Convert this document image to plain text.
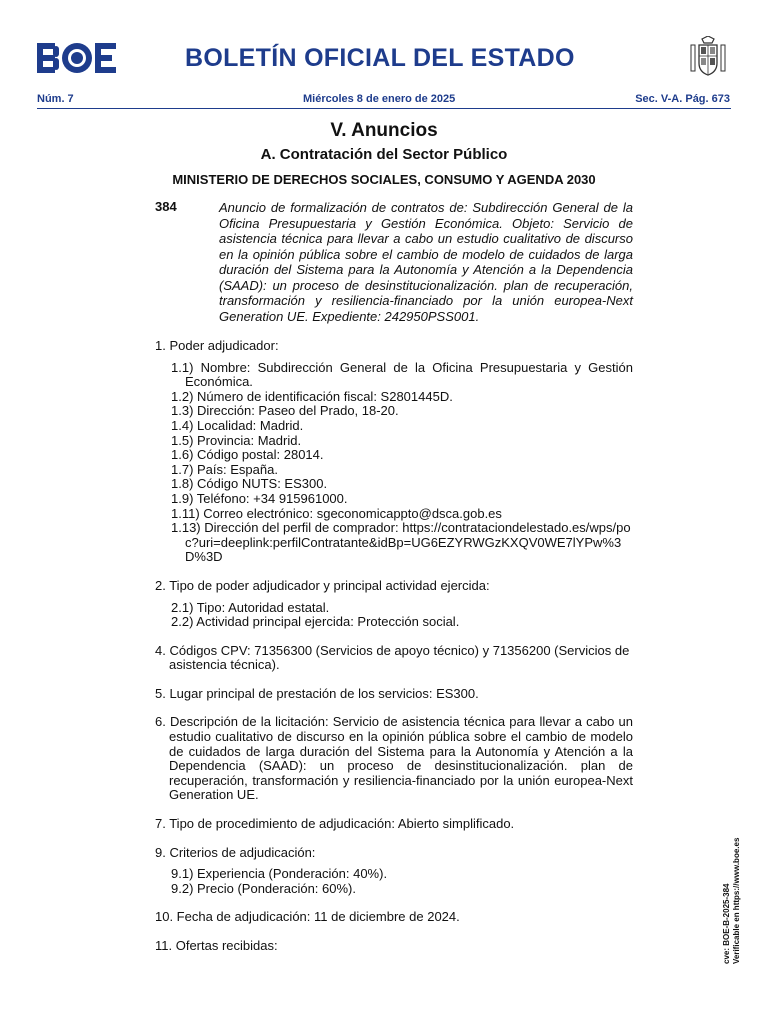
BOLETÍN OFICIAL DEL ESTADO
Núm. 7	Miércoles 8 de enero de 2025	Sec. V-A. Pág. 673
V. Anuncios
A. Contratación del Sector Público
MINISTERIO DE DERECHOS SOCIALES, CONSUMO Y AGENDA 2030
384	Anuncio de formalización de contratos de: Subdirección General de la Oficina Presupuestaria y Gestión Económica. Objeto: Servicio de asistencia técnica para llevar a cabo un estudio cualitativo de discurso en la opinión pública sobre el cambio de modelo de cuidados de larga duración del Sistema para la Autonomía y Atención a la Dependencia (SAAD): un proceso de desinstitucionalización. plan de recuperación, transformación y resiliencia-financiado por la unión europea-Next Generation UE. Expediente: 242950PSS001.

1. Poder adjudicador:

1.1) Nombre: Subdirección General de la Oficina Presupuestaria y Gestión Económica.
1.2) Número de identificación fiscal: S2801445D.
1.3) Dirección: Paseo del Prado, 18-20.
1.4) Localidad: Madrid.
1.5) Provincia: Madrid.
1.6) Código postal: 28014.
1.7) País: España.
1.8) Código NUTS: ES300.
1.9) Teléfono: +34 915961000.
1.11) Correo electrónico: sgeconomicappto@dsca.gob.es
1.13) Dirección del perfil de comprador: https://contrataciondelestado.es/wps/poc?uri=deeplink:perfilContratante&idBp=UG6EZYRWGzKXQV0WE7lYPw%3D%3D

2. Tipo de poder adjudicador y principal actividad ejercida:

2.1) Tipo: Autoridad estatal.
2.2) Actividad principal ejercida: Protección social.

4. Códigos CPV: 71356300 (Servicios de apoyo técnico) y 71356200 (Servicios de asistencia técnica).

5. Lugar principal de prestación de los servicios: ES300.

6. Descripción de la licitación: Servicio de asistencia técnica para llevar a cabo un estudio cualitativo de discurso en la opinión pública sobre el cambio de modelo de cuidados de larga duración del Sistema para la Autonomía y Atención a la Dependencia (SAAD): un proceso de desinstitucionalización. plan de recuperación, transformación y resiliencia-financiado por la unión europea-Next Generation UE.

7. Tipo de procedimiento de adjudicación: Abierto simplificado.

9. Criterios de adjudicación:

9.1) Experiencia (Ponderación: 40%).
9.2) Precio (Ponderación: 60%).

10. Fecha de adjudicación: 11 de diciembre de 2024.

11. Ofertas recibidas:	cve: BOE-B-2025-384 Verificable en https://www.boe.es
